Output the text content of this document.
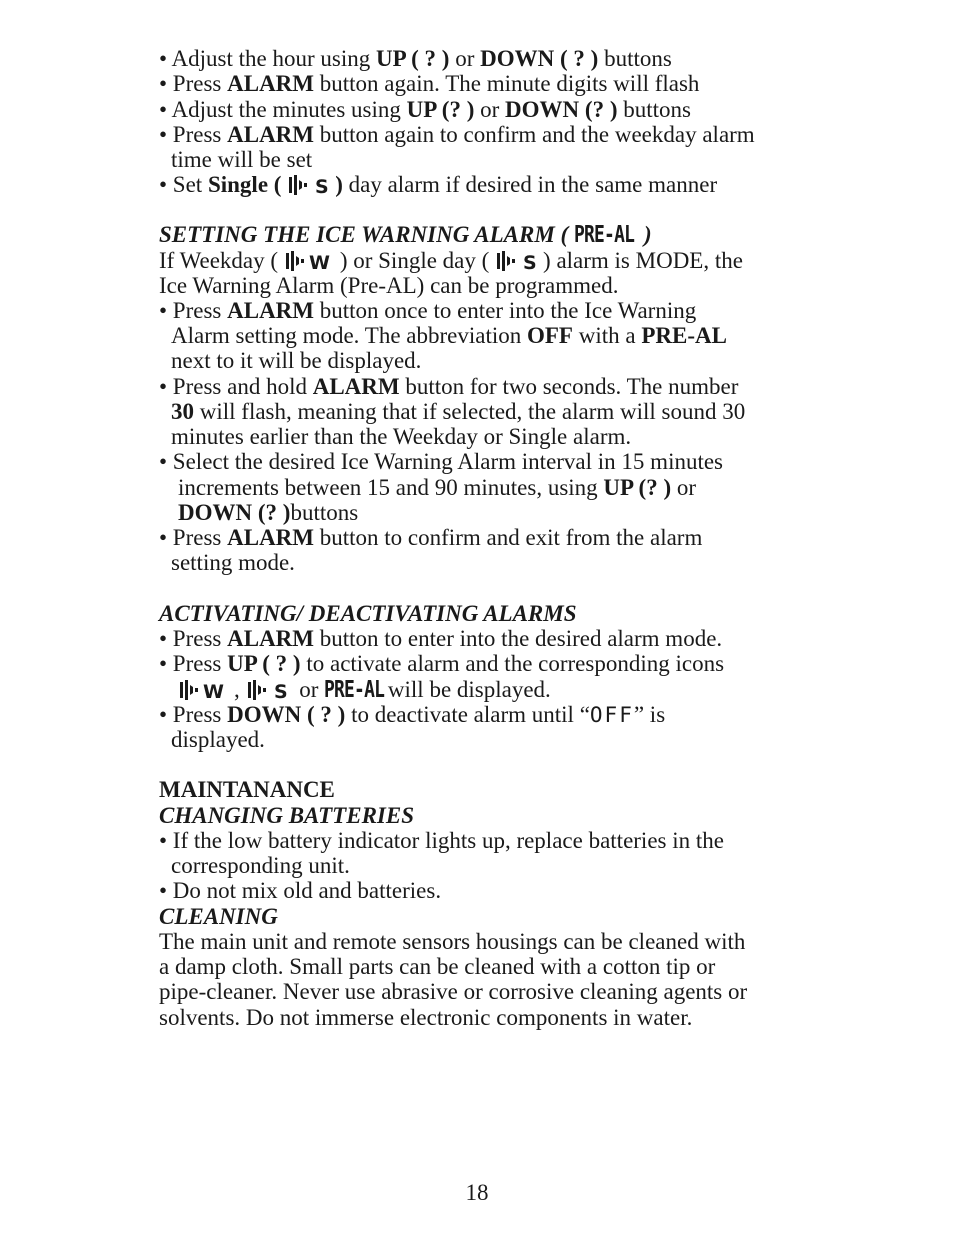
• Adjust the hour using UP ( ? ) or DOWN ( ? ) buttons

• Press ALARM button again. The minute digits will flash

• Adjust the minutes using UP (? ) or DOWN (? ) buttons

• Press ALARM button again to confirm and the weekday alarm

time will be set

• Set Single ( S ) day alarm if desired in the same manner

SETTING THE ICE WARNING ALARM ( PRE-AL )

If Weekday ( W ) or Single day ( S ) alarm is MODE, the

Ice Warning Alarm (Pre-AL) can be programmed.

• Press ALARM button once to enter into the Ice Warning

Alarm setting mode. The abbreviation OFF with a PRE-AL

next to it will be displayed.

• Press and hold ALARM button for two seconds. The number

30 will flash, meaning that if selected, the alarm will sound 30

minutes earlier than the Weekday or Single alarm.

• Select the desired Ice Warning Alarm interval in 15 minutes

increments between 15 and 90 minutes, using UP (? ) or

DOWN (? )buttons

• Press ALARM button to confirm and exit from the alarm

setting mode.

ACTIVATING/ DEACTIVATING ALARMS

• Press ALARM button to enter into the desired alarm mode.

• Press UP ( ? ) to activate alarm and the corresponding icons

W , S or PRE-AL will be displayed.

• Press DOWN ( ? ) to deactivate alarm until “OFF” is

displayed.

MAINTANANCE

CHANGING BATTERIES

• If the low battery indicator lights up, replace batteries in the

corresponding unit.

• Do not mix old and batteries.

CLEANING

The main unit and remote sensors housings can be cleaned with

a damp cloth. Small parts can be cleaned with a cotton tip or

pipe-cleaner. Never use abrasive or corrosive cleaning agents or

solvents. Do not immerse electronic components in water.

18
